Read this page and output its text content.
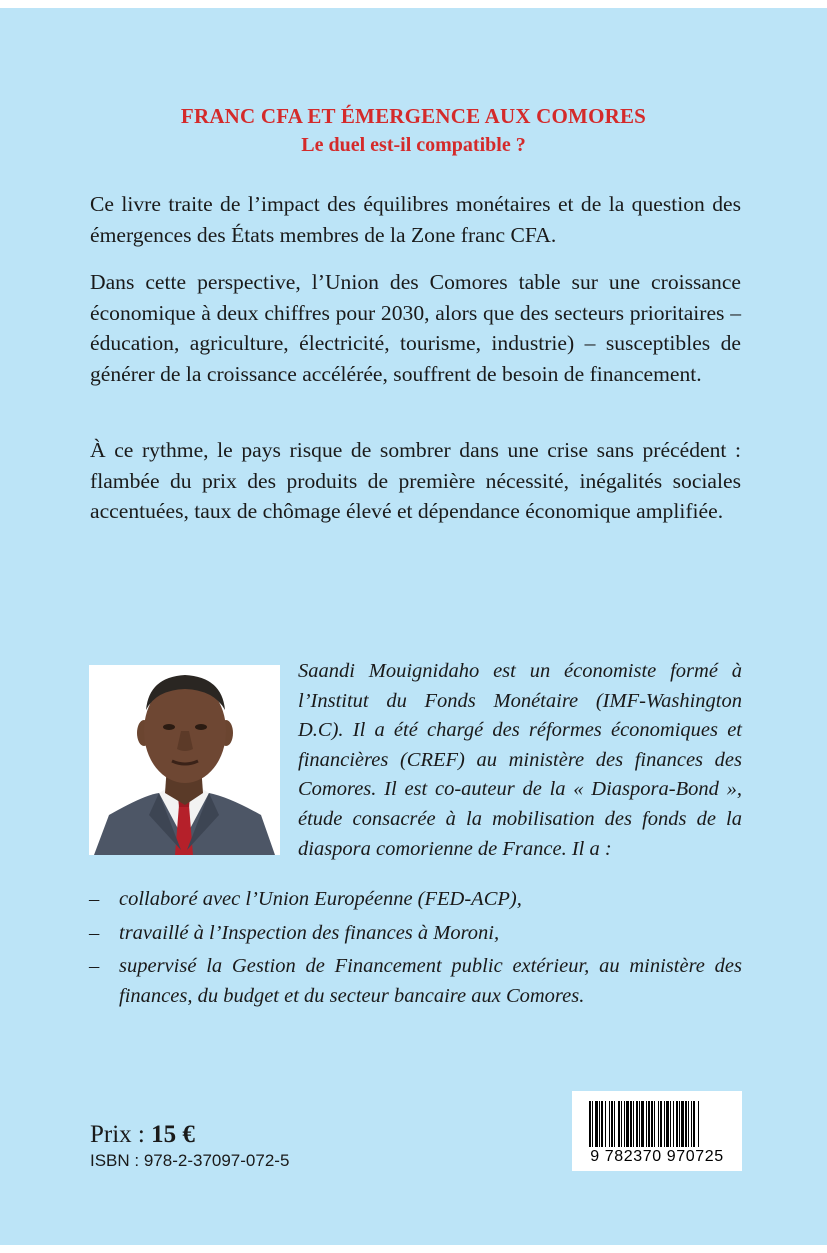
FRANC CFA ET ÉMERGENCE AUX COMORES
Le duel est-il compatible ?

Ce livre traite de l’impact des équilibres monétaires et de la question des émergences des États membres de la Zone franc CFA.

Dans cette perspective, l’Union des Comores table sur une croissance économique à deux chiffres pour 2030, alors que des secteurs prioritaires – éducation, agriculture, électricité, tourisme, industrie) – susceptibles de générer de la croissance accélérée, souffrent de besoin de financement.

À ce rythme, le pays risque de sombrer dans une crise sans précédent : flambée du prix des produits de première nécessité, inégalités sociales accentuées, taux de chômage élevé et dépendance économique amplifiée.

Saandi Mouignidaho est un économiste formé à l’Institut du Fonds Monétaire (IMF-Washington D.C). Il a été chargé des réformes économiques et financières (CREF) au ministère des finances des Comores. Il est co-auteur de la « Diaspora-Bond », étude consacrée à la mobilisation des fonds de la diaspora comorienne de France. Il a :

– collaboré avec l’Union Européenne (FED-ACP),
– travaillé à l’Inspection des finances à Moroni,
– supervisé la Gestion de Financement public extérieur, au ministère des finances, du budget et du secteur bancaire aux Comores.
Prix : 15 €
ISBN : 978-2-37097-072-5	9 782370 970725
